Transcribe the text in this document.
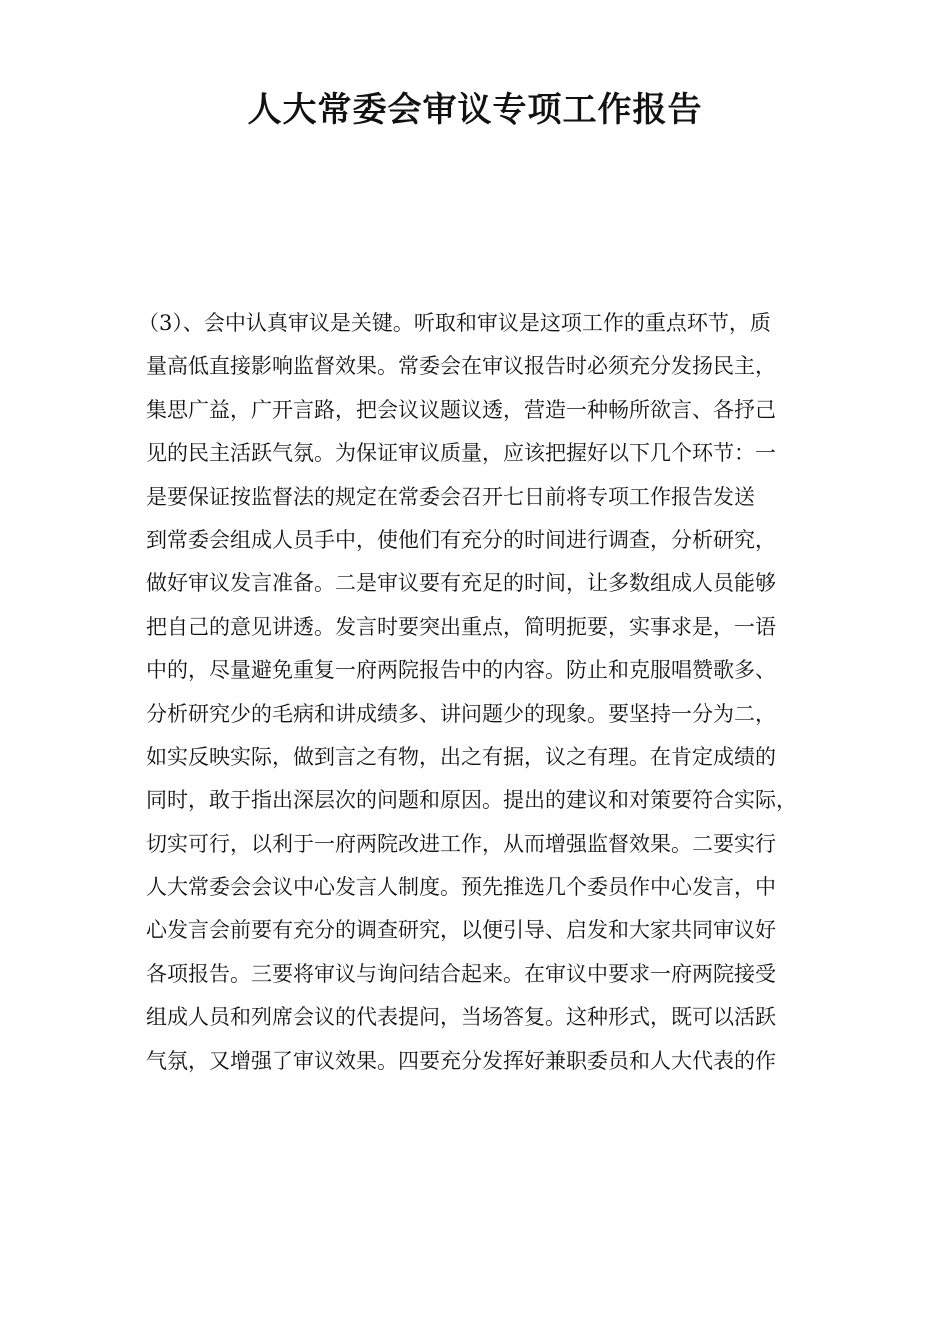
人大常委会审议专项工作报告
（3）、会中认真审议是关键。听取和审议是这项工作的重点环节，质
量高低直接影响监督效果。常委会在审议报告时必须充分发扬民主，
集思广益，广开言路，把会议议题议透，营造一种畅所欲言、各抒己
见的民主活跃气氛。为保证审议质量，应该把握好以下几个环节：一
是要保证按监督法的规定在常委会召开七日前将专项工作报告发送
到常委会组成人员手中，使他们有充分的时间进行调查，分析研究，
做好审议发言准备。二是审议要有充足的时间，让多数组成人员能够
把自己的意见讲透。发言时要突出重点，简明扼要，实事求是，一语
中的，尽量避免重复一府两院报告中的内容。防止和克服唱赞歌多、
分析研究少的毛病和讲成绩多、讲问题少的现象。要坚持一分为二，
如实反映实际，做到言之有物，出之有据，议之有理。在肯定成绩的
同时，敢于指出深层次的问题和原因。提出的建议和对策要符合实际，
切实可行，以利于一府两院改进工作，从而增强监督效果。二要实行
人大常委会会议中心发言人制度。预先推选几个委员作中心发言，中
心发言会前要有充分的调查研究，以便引导、启发和大家共同审议好
各项报告。三要将审议与询问结合起来。在审议中要求一府两院接受
组成人员和列席会议的代表提问，当场答复。这种形式，既可以活跃
气氛，又增强了审议效果。四要充分发挥好兼职委员和人大代表的作
